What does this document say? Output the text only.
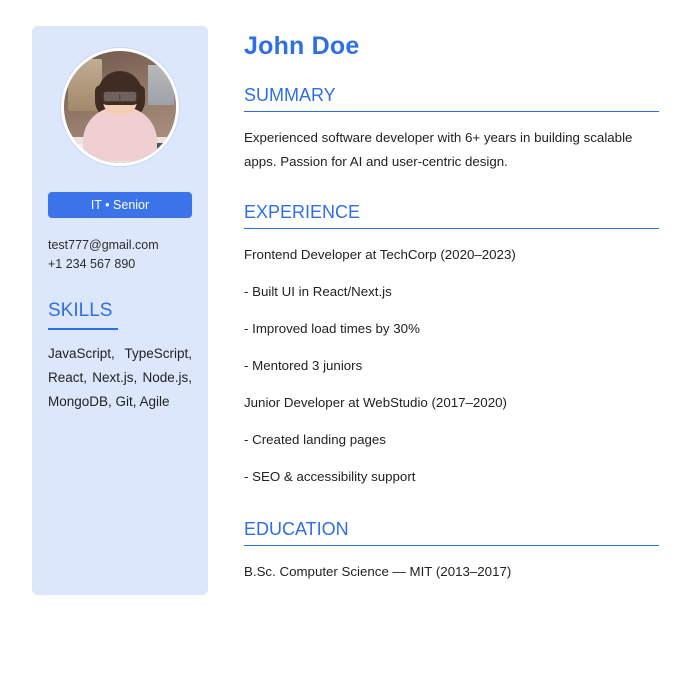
IT • Senior
test777@gmail.com
+1 234 567 890
SKILLS
JavaScript, TypeScript, React, Next.js, Node.js, MongoDB, Git, Agile
John Doe
SUMMARY

Experienced software developer with 6+ years in building scalable apps. Passion for AI and user-centric design.

EXPERIENCE

Frontend Developer at TechCorp (2020–2023)

- Built UI in React/Next.js

- Improved load times by 30%

- Mentored 3 juniors

Junior Developer at WebStudio (2017–2020)

- Created landing pages

- SEO & accessibility support

EDUCATION

B.Sc. Computer Science — MIT (2013–2017)
